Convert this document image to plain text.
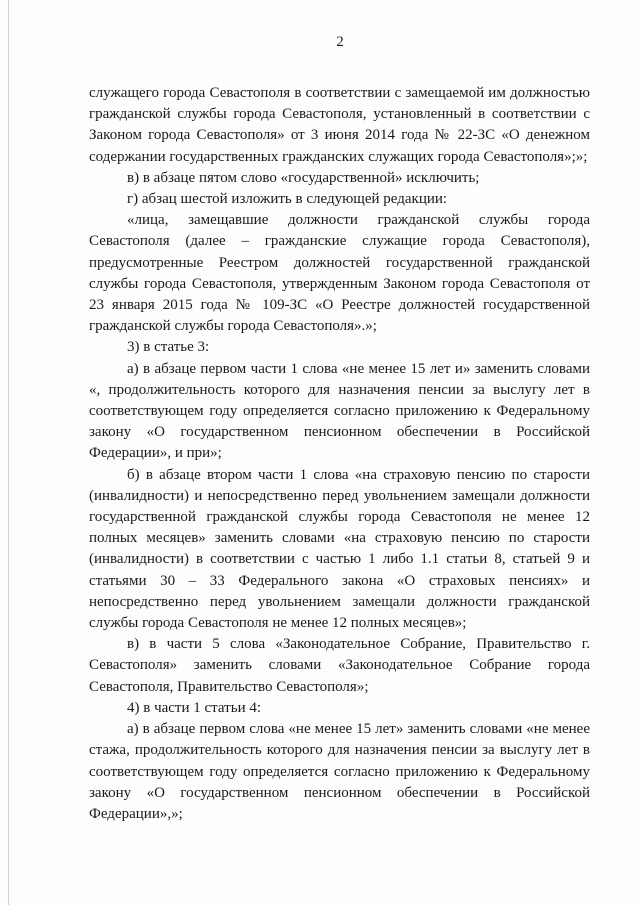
2

служащего города Севастополя в соответствии с замещаемой им должностью гражданской службы города Севастополя, установленный в соответствии с Законом города Севастополя» от 3 июня 2014 года № 22-ЗС «О денежном содержании государственных гражданских служащих города Севастополя»;»;

в) в абзаце пятом слово «государственной» исключить;

г) абзац шестой изложить в следующей редакции:

«лица, замещавшие должности гражданской службы города Севастополя (далее – гражданские служащие города Севастополя), предусмотренные Реестром должностей государственной гражданской службы города Севастополя, утвержденным Законом города Севастополя от 23 января 2015 года № 109-ЗС «О Реестре должностей государственной гражданской службы города Севастополя».»;

3) в статье 3:

а) в абзаце первом части 1 слова «не менее 15 лет и» заменить словами «, продолжительность которого для назначения пенсии за выслугу лет в соответствующем году определяется согласно приложению к Федеральному закону «О государственном пенсионном обеспечении в Российской Федерации», и при»;

б) в абзаце втором части 1 слова «на страховую пенсию по старости (инвалидности) и непосредственно перед увольнением замещали должности государственной гражданской службы города Севастополя не менее 12 полных месяцев» заменить словами «на страховую пенсию по старости (инвалидности) в соответствии с частью 1 либо 1.1 статьи 8, статьей 9 и статьями 30 – 33 Федерального закона «О страховых пенсиях» и непосредственно перед увольнением замещали должности гражданской службы города Севастополя не менее 12 полных месяцев»;

в) в части 5 слова «Законодательное Собрание, Правительство г. Севастополя» заменить словами «Законодательное Собрание города Севастополя, Правительство Севастополя»;

4) в части 1 статьи 4:

а) в абзаце первом слова «не менее 15 лет» заменить словами «не менее стажа, продолжительность которого для назначения пенсии за выслугу лет в соответствующем году определяется согласно приложению к Федеральному закону «О государственном пенсионном обеспечении в Российской Федерации»,»;
